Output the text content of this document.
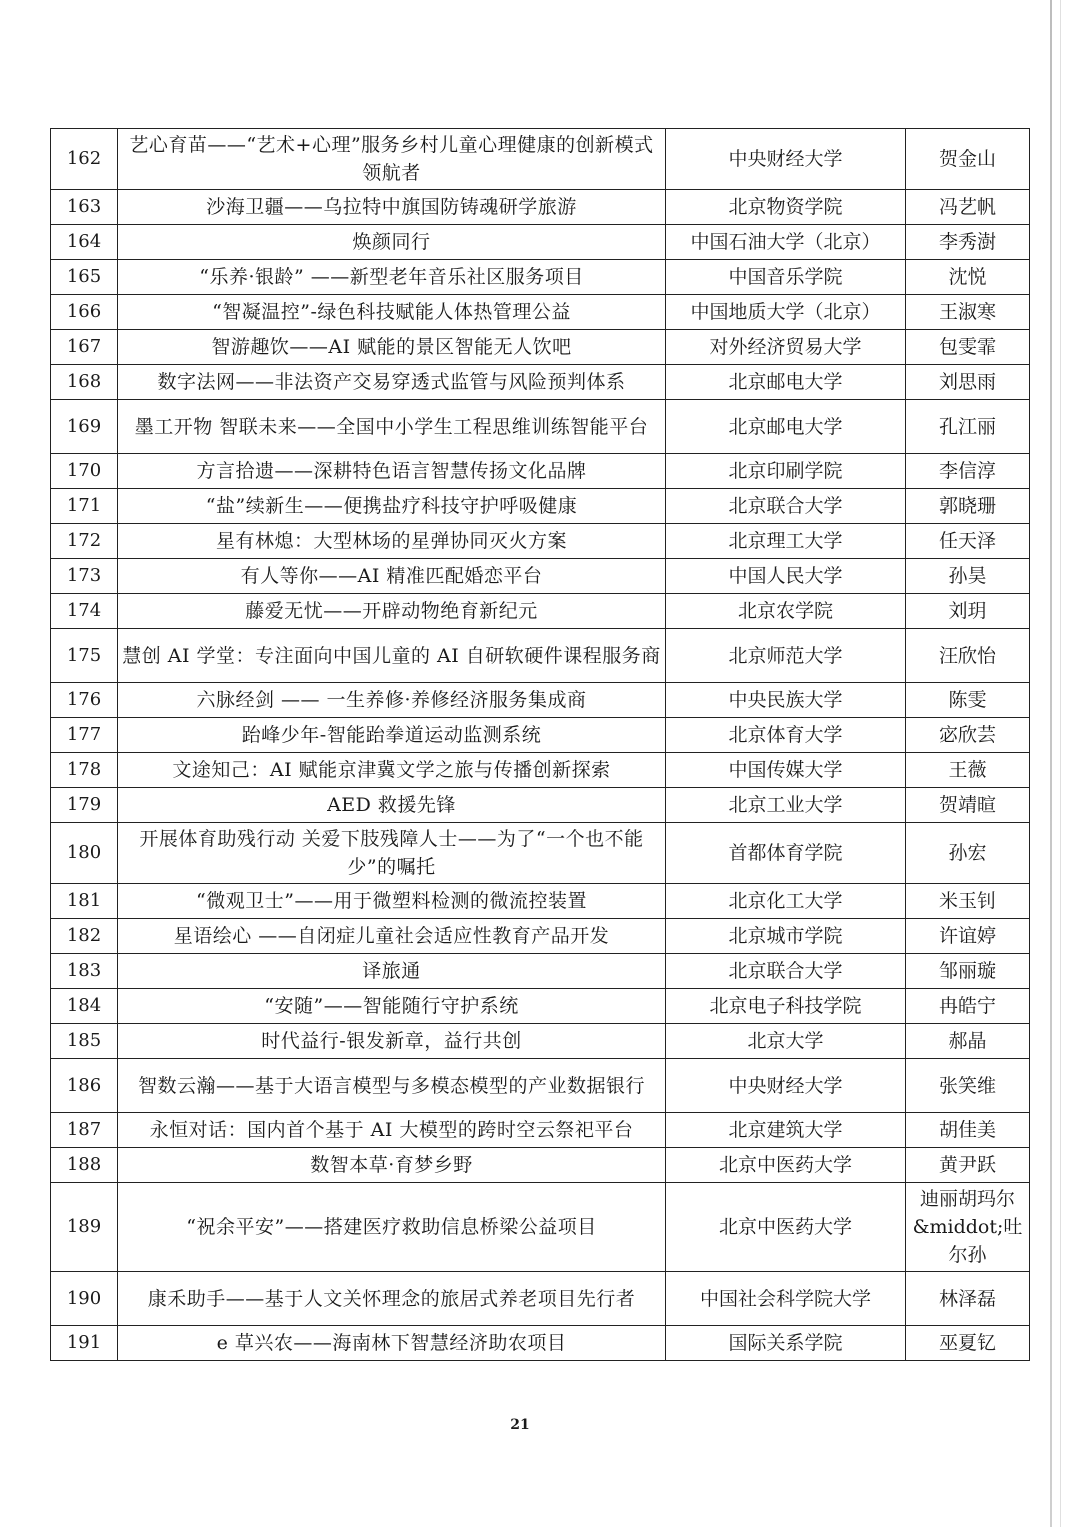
162	艺心育苗——“艺术+心理”服务乡村儿童心理健康的创新模式领航者	中央财经大学	贺金山
163	沙海卫疆——乌拉特中旗国防铸魂研学旅游	北京物资学院	冯艺帆
164	焕颜同行	中国石油大学（北京）	李秀澍
165	“乐养·银龄” ——新型老年音乐社区服务项目	中国音乐学院	沈悦
166	“智凝温控”-绿色科技赋能人体热管理公益	中国地质大学（北京）	王淑寒
167	智游趣饮——AI 赋能的景区智能无人饮吧	对外经济贸易大学	包雯霏
168	数字法网——非法资产交易穿透式监管与风险预判体系	北京邮电大学	刘思雨
169	墨工开物 智联未来——全国中小学生工程思维训练智能平台	北京邮电大学	孔江丽
170	方言拾遗——深耕特色语言智慧传扬文化品牌	北京印刷学院	李信淳
171	“盐”续新生——便携盐疗科技守护呼吸健康	北京联合大学	郭晓珊
172	星有林熄：大型林场的星弹协同灭火方案	北京理工大学	任天泽
173	有人等你——AI 精准匹配婚恋平台	中国人民大学	孙昊
174	藤爱无忧——开辟动物绝育新纪元	北京农学院	刘玥
175	慧创 AI 学堂：专注面向中国儿童的 AI 自研软硬件课程服务商	北京师范大学	汪欣怡
176	六脉经剑 —— 一生养修·养修经济服务集成商	中央民族大学	陈雯
177	跆峰少年-智能跆拳道运动监测系统	北京体育大学	宓欣芸
178	文途知己：AI 赋能京津冀文学之旅与传播创新探索	中国传媒大学	王薇
179	AED 救援先锋	北京工业大学	贺靖暄
180	开展体育助残行动 关爱下肢残障人士——为了“一个也不能少”的嘱托	首都体育学院	孙宏
181	“微观卫士”——用于微塑料检测的微流控装置	北京化工大学	米玉钊
182	星语绘心 ——自闭症儿童社会适应性教育产品开发	北京城市学院	许谊婷
183	译旅通	北京联合大学	邹丽璇
184	“安随”——智能随行守护系统	北京电子科技学院	冉皓宁
185	时代益行-银发新章，益行共创	北京大学	郝晶
186	智数云瀚——基于大语言模型与多模态模型的产业数据银行	中央财经大学	张笑维
187	永恒对话：国内首个基于 AI 大模型的跨时空云祭祀平台	北京建筑大学	胡佳美
188	数智本草·育梦乡野	北京中医药大学	黄尹跃
189	“祝余平安”——搭建医疗救助信息桥梁公益项目	北京中医药大学	迪丽胡玛尔&middot;吐尔孙
190	康禾助手——基于人文关怀理念的旅居式养老项目先行者	中国社会科学院大学	林泽磊
191	e 草兴农——海南林下智慧经济助农项目	国际关系学院	巫夏钇
21
